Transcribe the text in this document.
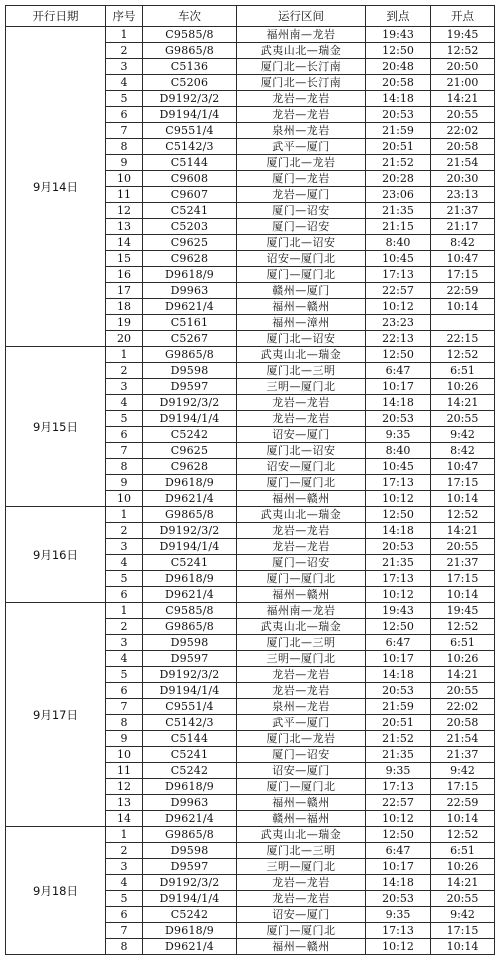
开行日期	序号	车次	运行区间	到点	开点
9月14日	1	C9585/8	福州南—龙岩	19:43	19:45
	2	G9865/8	武夷山北—瑞金	12:50	12:52
	3	C5136	厦门北—长汀南	20:48	20:50
	4	C5206	厦门北—长汀南	20:58	21:00
	5	D9192/3/2	龙岩—龙岩	14:18	14:21
	6	D9194/1/4	龙岩—龙岩	20:53	20:55
	7	C9551/4	泉州—龙岩	21:59	22:02
	8	C5142/3	武平—厦门	20:51	20:58
	9	C5144	厦门北—龙岩	21:52	21:54
	10	C9608	厦门—龙岩	20:28	20:30
	11	C9607	龙岩—厦门	23:06	23:13
	12	C5241	厦门—诏安	21:35	21:37
	13	C5203	厦门—诏安	21:15	21:17
	14	C9625	厦门北—诏安	8:40	8:42
	15	C9628	诏安—厦门北	10:45	10:47
	16	D9618/9	厦门—厦门北	17:13	17:15
	17	D9963	赣州—厦门	22:57	22:59
	18	D9621/4	福州—赣州	10:12	10:14
	19	C5161	福州—漳州	23:23	
	20	C5267	厦门北—诏安	22:13	22:15
9月15日	1	G9865/8	武夷山北—瑞金	12:50	12:52
	2	D9598	厦门北—三明	6:47	6:51
	3	D9597	三明—厦门北	10:17	10:26
	4	D9192/3/2	龙岩—龙岩	14:18	14:21
	5	D9194/1/4	龙岩—龙岩	20:53	20:55
	6	C5242	诏安—厦门	9:35	9:42
	7	C9625	厦门北—诏安	8:40	8:42
	8	C9628	诏安—厦门北	10:45	10:47
	9	D9618/9	厦门—厦门北	17:13	17:15
	10	D9621/4	福州—赣州	10:12	10:14
9月16日	1	G9865/8	武夷山北—瑞金	12:50	12:52
	2	D9192/3/2	龙岩—龙岩	14:18	14:21
	3	D9194/1/4	龙岩—龙岩	20:53	20:55
	4	C5241	厦门—诏安	21:35	21:37
	5	D9618/9	厦门—厦门北	17:13	17:15
	6	D9621/4	福州—赣州	10:12	10:14
9月17日	1	C9585/8	福州南—龙岩	19:43	19:45
	2	G9865/8	武夷山北—瑞金	12:50	12:52
	3	D9598	厦门北—三明	6:47	6:51
	4	D9597	三明—厦门北	10:17	10:26
	5	D9192/3/2	龙岩—龙岩	14:18	14:21
	6	D9194/1/4	龙岩—龙岩	20:53	20:55
	7	C9551/4	泉州—龙岩	21:59	22:02
	8	C5142/3	武平—厦门	20:51	20:58
	9	C5144	厦门北—龙岩	21:52	21:54
	10	C5241	厦门—诏安	21:35	21:37
	11	C5242	诏安—厦门	9:35	9:42
	12	D9618/9	厦门—厦门北	17:13	17:15
	13	D9963	福州—赣州	22:57	22:59
	14	D9621/4	赣州—福州	10:12	10:14
9月18日	1	G9865/8	武夷山北—瑞金	12:50	12:52
	2	D9598	厦门北—三明	6:47	6:51
	3	D9597	三明—厦门北	10:17	10:26
	4	D9192/3/2	龙岩—龙岩	14:18	14:21
	5	D9194/1/4	龙岩—龙岩	20:53	20:55
	6	C5242	诏安—厦门	9:35	9:42
	7	D9618/9	厦门—厦门北	17:13	17:15
	8	D9621/4	福州—赣州	10:12	10:14
